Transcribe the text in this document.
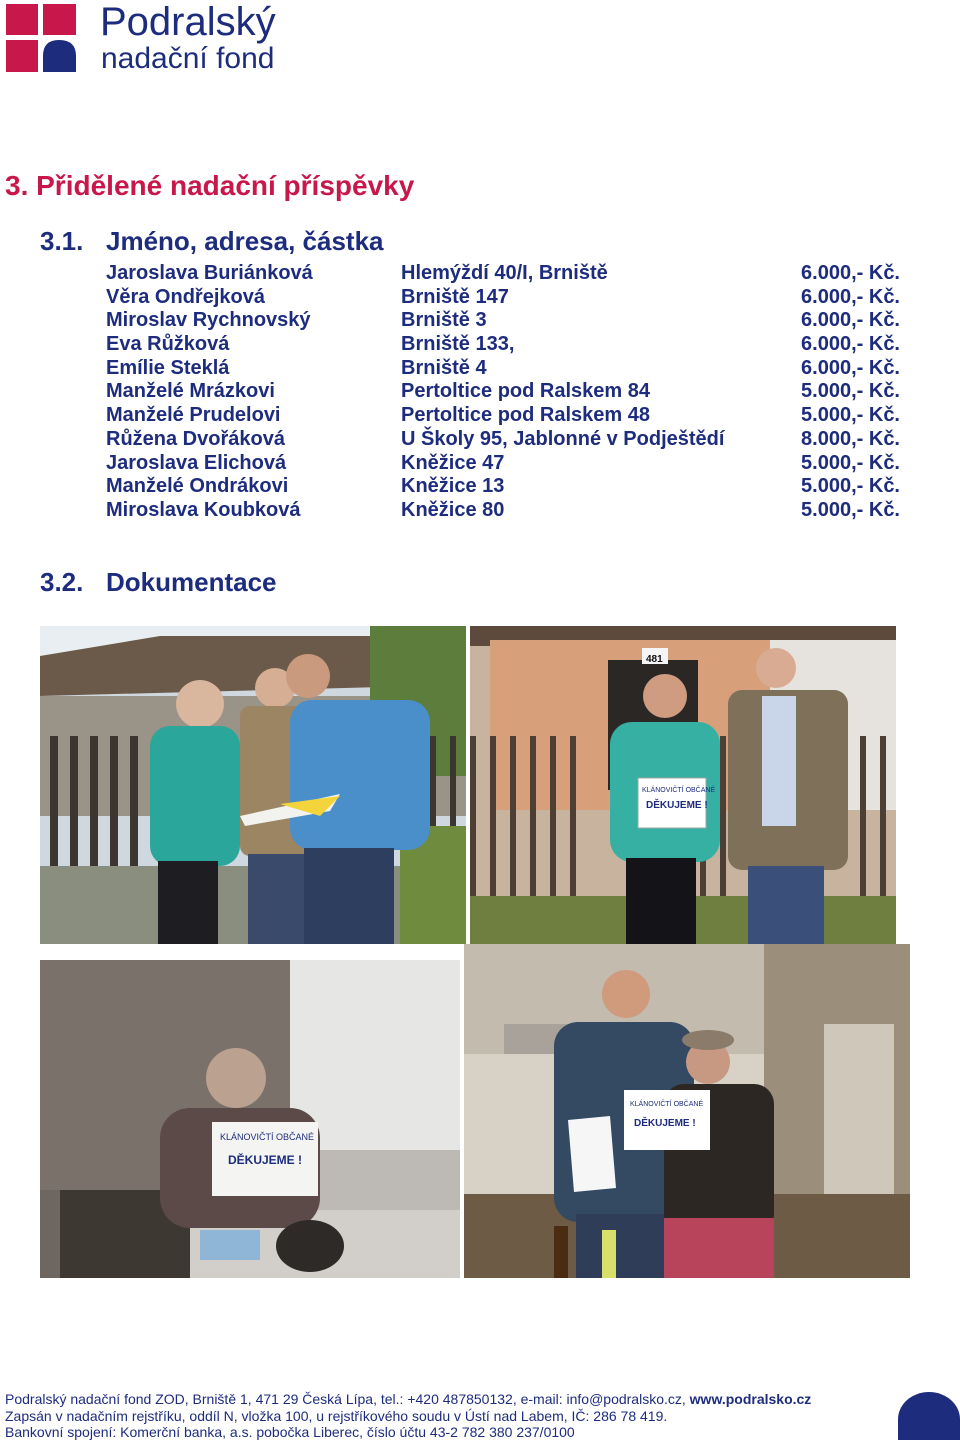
Podralský
nadační fond
3. Přidělené nadační příspěvky
3.1. Jméno, adresa, částka
Jaroslava Buriánková	Hlemýždí 40/I, Brniště	6.000,- Kč.
Věra Ondřejková	Brniště 147	6.000,- Kč.
Miroslav Rychnovský	Brniště 3	6.000,- Kč.
Eva Růžková	Brniště 133,	6.000,- Kč.
Emílie Steklá	Brniště 4	6.000,- Kč.
Manželé Mrázkovi	Pertoltice pod Ralskem 84	5.000,- Kč.
Manželé Prudelovi	Pertoltice pod Ralskem 48	5.000,- Kč.
Růžena Dvořáková	U Školy 95, Jablonné v Podještědí	8.000,- Kč.
Jaroslava Elichová	Kněžice 47	5.000,- Kč.
Manželé Ondrákovi	Kněžice 13	5.000,- Kč.
Miroslava Koubková	Kněžice 80	5.000,- Kč.
3.2. Dokumentace
KLÁNOVIČTÍ OBČANÉ
DĚKUJEME !
481
KLÁNOVIČTÍ OBČANÉ
DĚKUJEME !
KLÁNOVIČTÍ OBČANÉ
DĚKUJEME !
Podralský nadační fond ZOD, Brniště 1, 471 29 Česká Lípa, tel.: +420 487850132, e-mail: info@podralsko.cz, www.podralsko.cz
Zapsán v nadačním rejstříku, oddíl N, vložka 100, u rejstříkového soudu v Ústí nad Labem, IČ: 286 78 419.
Bankovní spojení: Komerční banka, a.s. pobočka Liberec, číslo účtu 43-2 782 380 237/0100
